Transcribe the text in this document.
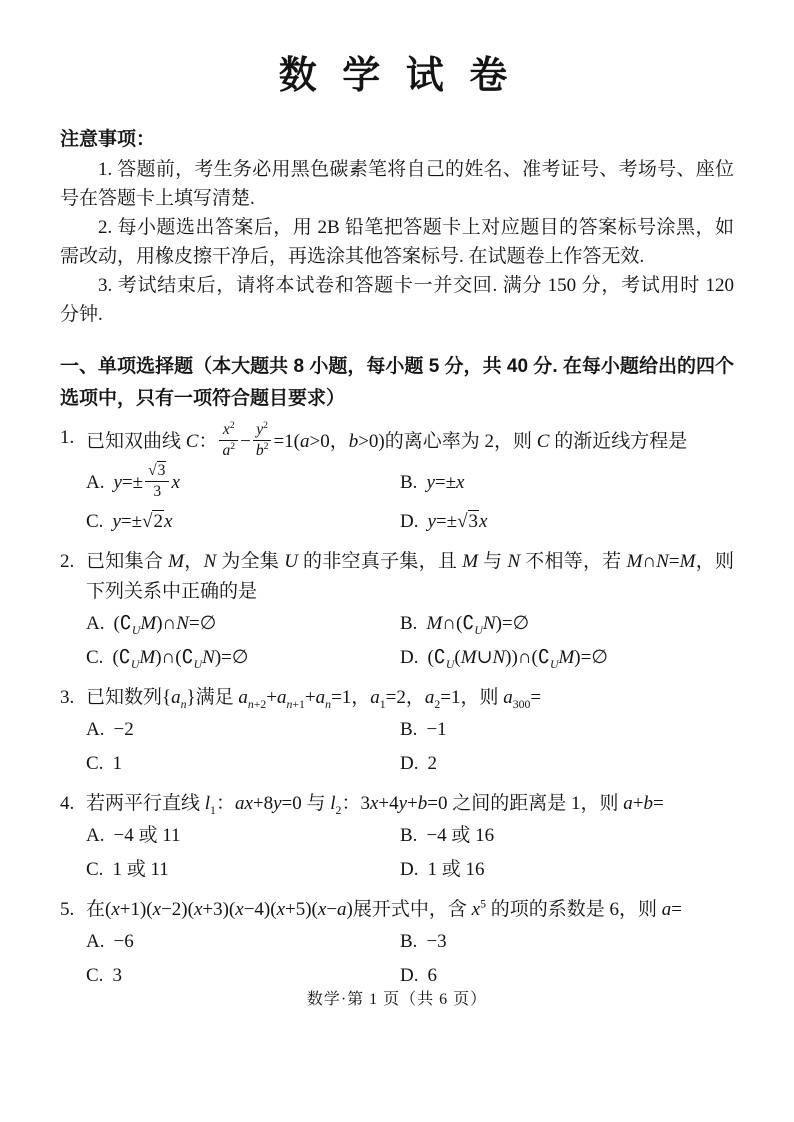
数 学 试 卷

注意事项：

1. 答题前，考生务必用黑色碳素笔将自己的姓名、准考证号、考场号、座位号在答题卡上填写清楚.

2. 每小题选出答案后，用 2B 铅笔把答题卡上对应题目的答案标号涂黑，如需改动，用橡皮擦干净后，再选涂其他答案标号. 在试题卷上作答无效.

3. 考试结束后，请将本试卷和答题卡一并交回. 满分 150 分，考试用时 120 分钟.

一、单项选择题（本大题共 8 小题，每小题 5 分，共 40 分. 在每小题给出的四个选项中，只有一项符合题目要求）

1. 已知双曲线 C： $\frac{x^2}{a^2} - \frac{y^2}{b^2} =1(a>0$，b>0)的离心率为 2，则 C 的渐近线方程是
A. $y=\pm \frac{√3}{3}$ x	B. y=±x
C. y=±√2x	D. y=±√3x
2. 已知集合 M，N 为全集 U 的非空真子集，且 M 与 N 不相等，若 M∩N=M，则下列关系中正确的是
A. $(∁_UM)\cap N=\emptyset$	B. $M\cap(∁_UN)=\emptyset$
C. $(∁_UM)\cap(∁_UN)=\emptyset$	D. $(∁_U(M\cup N))\cap(∁_UM)=\emptyset$
3. 已知数列$\{a_n\}$满足 $a_{n+2}+a_{n+1}+a_n=1$，$a_1=2$，$a_2=1$，则 $a_{300}=$
A. −2	B. −1
C. 1	D. 2
4. 若两平行直线 $l_1$：ax+8y=0 与 $l_2$：3x+4y+b=0 之间的距离是 1，则 a+b=
A. −4 或 11	B. −4 或 16
C. 1 或 11	D. 1 或 16
5. 在(x+1)(x−2)(x+3)(x−4)(x+5)(x−a)展开式中，含 $x^5$ 的项的系数是 6，则 a=
A. −6	B. −3
C. 3	D. 6
数学·第 1 页（共 6 页）
